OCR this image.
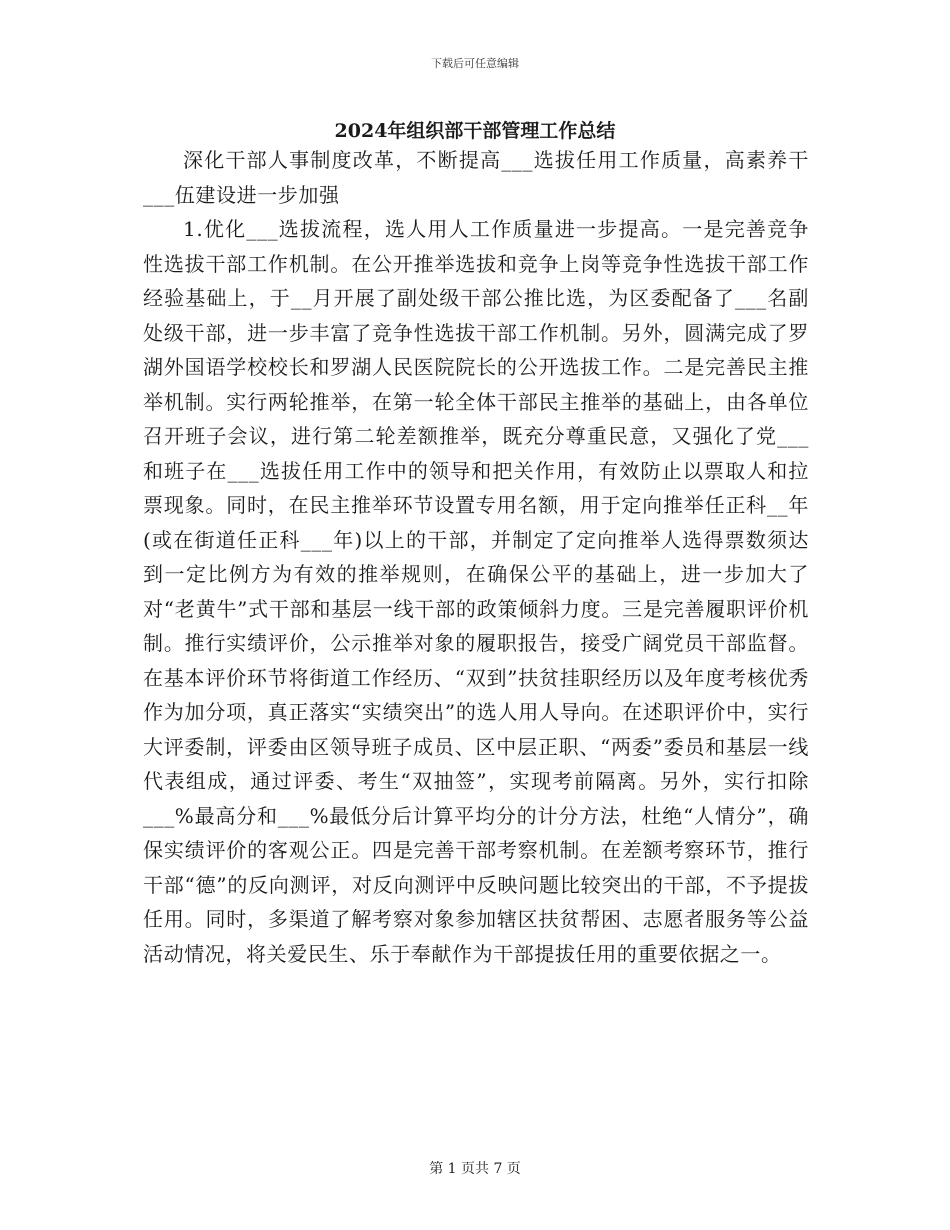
下载后可任意编辑
2024年组织部干部管理工作总结

深化干部人事制度改革，不断提高___选拔任用工作质量，高素养干___伍建设进一步加强

1.优化___选拔流程，选人用人工作质量进一步提高。一是完善竞争性选拔干部工作机制。在公开推举选拔和竞争上岗等竞争性选拔干部工作经验基础上，于__月开展了副处级干部公推比选，为区委配备了___名副处级干部，进一步丰富了竞争性选拔干部工作机制。另外，圆满完成了罗湖外国语学校校长和罗湖人民医院院长的公开选拔工作。二是完善民主推举机制。实行两轮推举，在第一轮全体干部民主推举的基础上，由各单位召开班子会议，进行第二轮差额推举，既充分尊重民意，又强化了党___和班子在___选拔任用工作中的领导和把关作用，有效防止以票取人和拉票现象。同时，在民主推举环节设置专用名额，用于定向推举任正科__年(或在街道任正科___年)以上的干部，并制定了定向推举人选得票数须达到一定比例方为有效的推举规则，在确保公平的基础上，进一步加大了对“老黄牛”式干部和基层一线干部的政策倾斜力度。三是完善履职评价机制。推行实绩评价，公示推举对象的履职报告，接受广阔党员干部监督。在基本评价环节将街道工作经历、“双到”扶贫挂职经历以及年度考核优秀作为加分项，真正落实“实绩突出”的选人用人导向。在述职评价中，实行大评委制，评委由区领导班子成员、区中层正职、“两委”委员和基层一线代表组成，通过评委、考生“双抽签”，实现考前隔离。另外，实行扣除___%最高分和___%最低分后计算平均分的计分方法，杜绝“人情分”，确保实绩评价的客观公正。四是完善干部考察机制。在差额考察环节，推行干部“德”的反向测评，对反向测评中反映问题比较突出的干部，不予提拔任用。同时，多渠道了解考察对象参加辖区扶贫帮困、志愿者服务等公益活动情况，将关爱民生、乐于奉献作为干部提拔任用的重要依据之一。

第 1 页共 7 页
